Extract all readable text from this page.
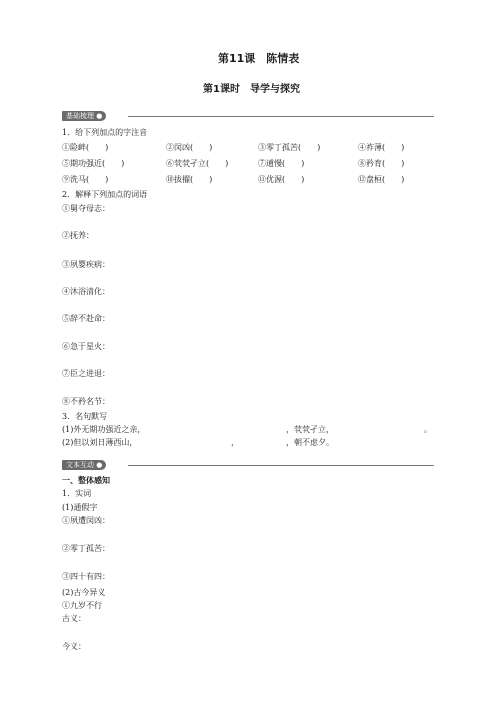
第11课　陈情表
第1课时　导学与探究
基础梳理 ●
1．给下列加点的字注音
①险衅(　　)	②闵凶(　　)	③零丁孤苦(　　)	④祚薄(　　)
⑤期功强近(　　)	⑥茕茕孑立(　　)	⑦逋慢(　　)	⑧矜育(　　)
⑨洗马(　　)	⑩拔擢(　　)	⑪优渥(　　)	⑫盘桓(　　)
2．解释下列加点的词语
①舅夺母志：
②抚养：
③夙婴疾病：
④沐浴清化：
⑤辞不赴命：
⑥急于星火：
⑦臣之进退：
⑧不矜名节：
3．名句默写
(1)外无期功强近之亲，	，茕茕孑立，	。
(2)但以刘日薄西山，	，	，朝不虑夕。
文本互动 ●
一、整体感知
1．实词
(1)通假字
①夙遭闵凶：
②零丁孤苦：
③四十有四：
(2)古今异义
①九岁不行
古义：
今义：
